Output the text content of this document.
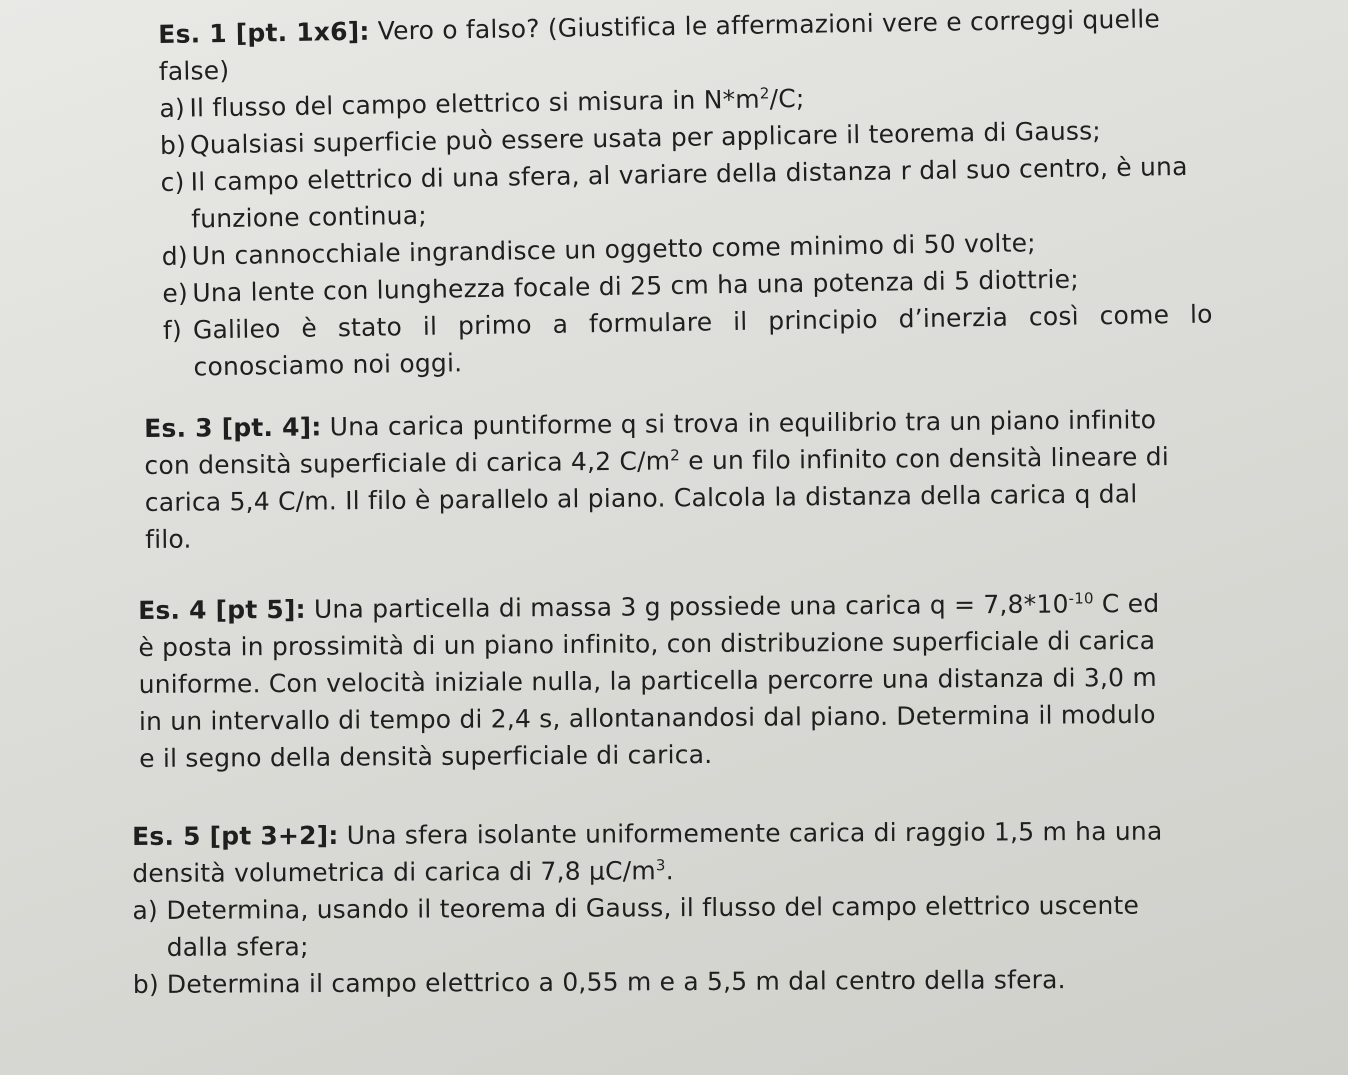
Es. 1 [pt. 1x6]: Vero o falso? (Giustifica le affermazioni vere e correggi quelle
false)
a) Il flusso del campo elettrico si misura in $N*m^2/C$;
b) Qualsiasi superficie può essere usata per applicare il teorema di Gauss;
c) Il campo elettrico di una sfera, al variare della distanza r dal suo centro, è una
funzione continua;
d) Un cannocchiale ingrandisce un oggetto come minimo di 50 volte;
e) Una lente con lunghezza focale di 25 cm ha una potenza di 5 diottrie;
f) Galileo è stato il primo a formulare il principio d’inerzia così come lo
conosciamo noi oggi.
Es. 3 [pt. 4]: Una carica puntiforme q si trova in equilibrio tra un piano infinito
con densità superficiale di carica 4,2 $C/m^2$ e un filo infinito con densità lineare di
carica 5,4 C/m. Il filo è parallelo al piano. Calcola la distanza della carica q dal
filo.
Es. 4 [pt 5]: Una particella di massa 3 g possiede una carica $q = 7,8*10^{-10}$ C ed
è posta in prossimità di un piano infinito, con distribuzione superficiale di carica
uniforme. Con velocità iniziale nulla, la particella percorre una distanza di 3,0 m
in un intervallo di tempo di 2,4 s, allontanandosi dal piano. Determina il modulo
e il segno della densità superficiale di carica.
Es. 5 [pt 3+2]: Una sfera isolante uniformemente carica di raggio 1,5 m ha una
densità volumetrica di carica di 7,8 $\mu C/m^3$.
a) Determina, usando il teorema di Gauss, il flusso del campo elettrico uscente
dalla sfera;
b) Determina il campo elettrico a 0,55 m e a 5,5 m dal centro della sfera.
